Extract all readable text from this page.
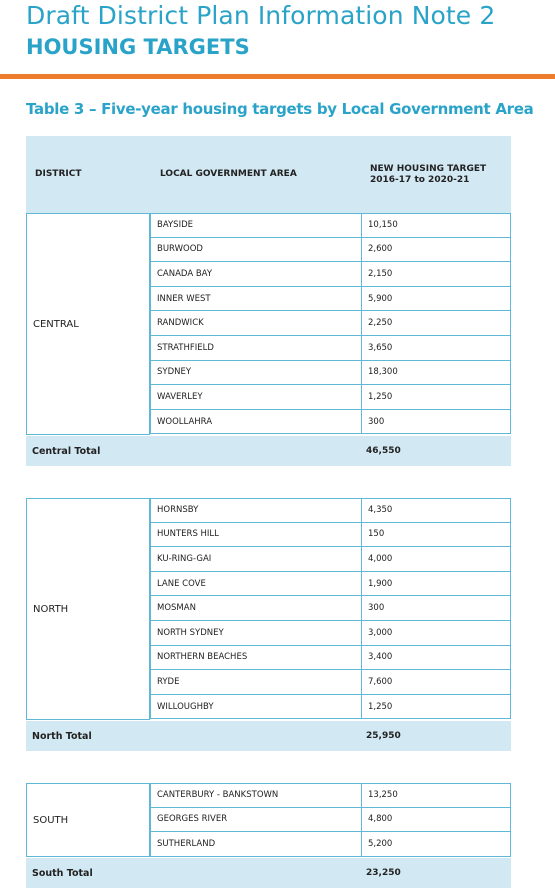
Draft District Plan Information Note 2
HOUSING TARGETS
Table 3 – Five-year housing targets by Local Government Area
DISTRICT	LOCAL GOVERNMENT AREA	NEW HOUSING TARGET
2016-17 to 2020-21
CENTRAL
BAYSIDE	10,150
BURWOOD	2,600
CANADA BAY	2,150
INNER WEST	5,900
RANDWICK	2,250
STRATHFIELD	3,650
SYDNEY	18,300
WAVERLEY	1,250
WOOLLAHRA	300
Central Total	46,550
NORTH
HORNSBY	4,350
HUNTERS HILL	150
KU-RING-GAI	4,000
LANE COVE	1,900
MOSMAN	300
NORTH SYDNEY	3,000
NORTHERN BEACHES	3,400
RYDE	7,600
WILLOUGHBY	1,250
North Total	25,950
SOUTH
CANTERBURY - BANKSTOWN	13,250
GEORGES RIVER	4,800
SUTHERLAND	5,200
South Total	23,250
